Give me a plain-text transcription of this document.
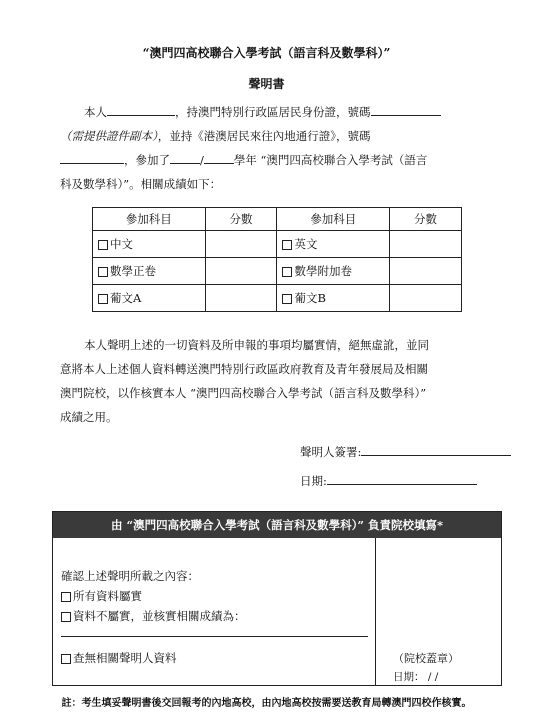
“澳門四高校聯合入學考試（語言科及數學科）”
聲明書

本人	，持澳門特別行政區居民身份證，號碼

（需提供證件副本），並持《港澳居民來往內地通行證》，號碼

，參加了	/	學年 “澳門四高校聯合入學考試（語言

科及數學科）”。相關成績如下：

參加科目	分數	參加科目	分數
中文		英文	
數學正卷		數學附加卷	
葡文A		葡文B	

本人聲明上述的一切資料及所申報的事項均屬實情，絕無虛訛，並同

意將本人上述個人資料轉送澳門特別行政區政府教育及青年發展局及相關

澳門院校，以作核實本人 “澳門四高校聯合入學考試（語言科及數學科）”

成績之用。

聲明人簽署:
日期:
由 “澳門四高校聯合入學考試（語言科及數學科）” 負責院校填寫*
確認上述聲明所載之內容：
所有資料屬實
資料不屬實，並核實相關成績為：
查無相關聲明人資料	（院校蓋章）
日期： / /
註：考生填妥聲明書後交回報考的內地高校，由內地高校按需要送教育局轉澳門四校作核實。
